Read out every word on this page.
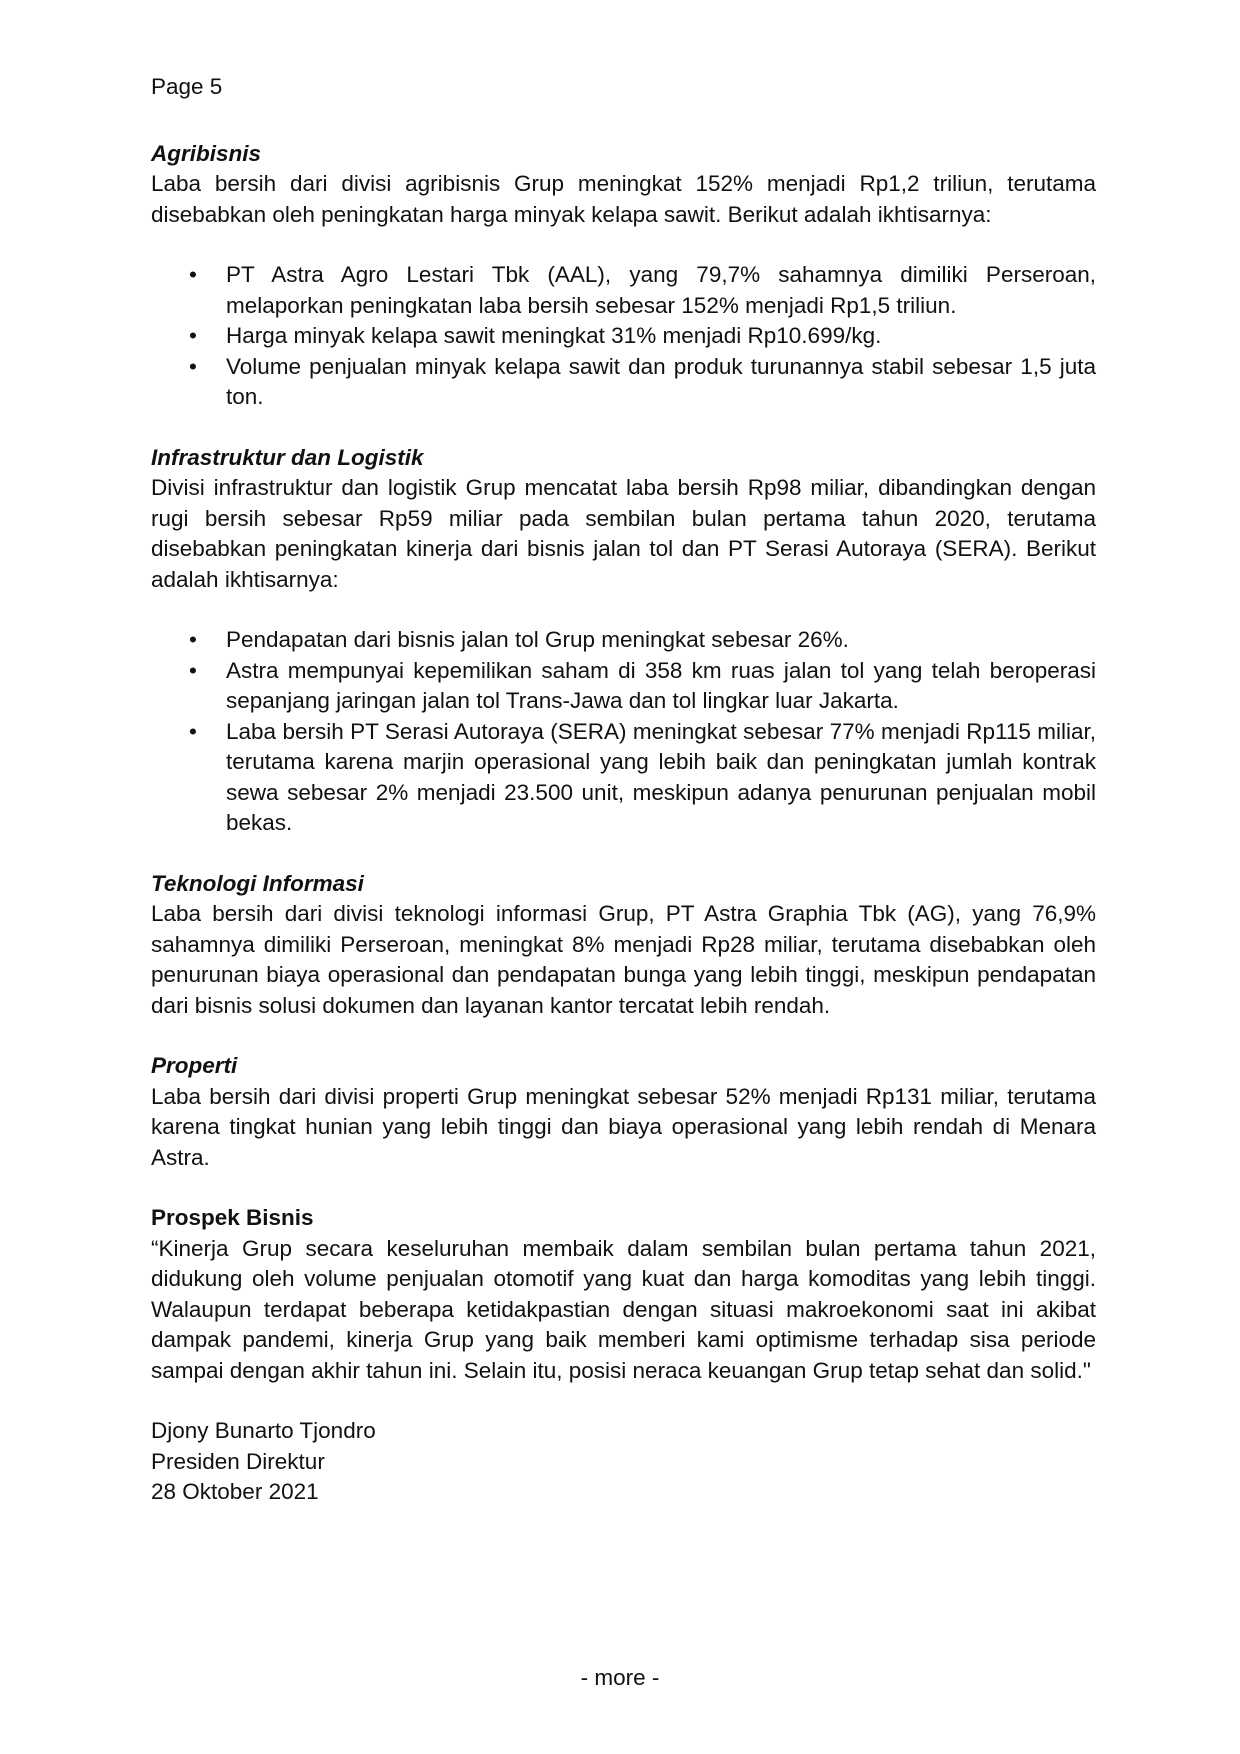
Page 5

Agribisnis

Laba bersih dari divisi agribisnis Grup meningkat 152% menjadi Rp1,2 triliun, terutama disebabkan oleh peningkatan harga minyak kelapa sawit. Berikut adalah ikhtisarnya:

• PT Astra Agro Lestari Tbk (AAL), yang 79,7% sahamnya dimiliki Perseroan, melaporkan peningkatan laba bersih sebesar 152% menjadi Rp1,5 triliun.
• Harga minyak kelapa sawit meningkat 31% menjadi Rp10.699/kg.
• Volume penjualan minyak kelapa sawit dan produk turunannya stabil sebesar 1,5 juta ton.

Infrastruktur dan Logistik

Divisi infrastruktur dan logistik Grup mencatat laba bersih Rp98 miliar, dibandingkan dengan rugi bersih sebesar Rp59 miliar pada sembilan bulan pertama tahun 2020, terutama disebabkan peningkatan kinerja dari bisnis jalan tol dan PT Serasi Autoraya (SERA). Berikut adalah ikhtisarnya:

• Pendapatan dari bisnis jalan tol Grup meningkat sebesar 26%.
• Astra mempunyai kepemilikan saham di 358 km ruas jalan tol yang telah beroperasi sepanjang jaringan jalan tol Trans-Jawa dan tol lingkar luar Jakarta.
• Laba bersih PT Serasi Autoraya (SERA) meningkat sebesar 77% menjadi Rp115 miliar, terutama karena marjin operasional yang lebih baik dan peningkatan jumlah kontrak sewa sebesar 2% menjadi 23.500 unit, meskipun adanya penurunan penjualan mobil bekas.

Teknologi Informasi

Laba bersih dari divisi teknologi informasi Grup, PT Astra Graphia Tbk (AG), yang 76,9% sahamnya dimiliki Perseroan, meningkat 8% menjadi Rp28 miliar, terutama disebabkan oleh penurunan biaya operasional dan pendapatan bunga yang lebih tinggi, meskipun pendapatan dari bisnis solusi dokumen dan layanan kantor tercatat lebih rendah.

Properti

Laba bersih dari divisi properti Grup meningkat sebesar 52% menjadi Rp131 miliar, terutama karena tingkat hunian yang lebih tinggi dan biaya operasional yang lebih rendah di Menara Astra.

Prospek Bisnis

“Kinerja Grup secara keseluruhan membaik dalam sembilan bulan pertama tahun 2021, didukung oleh volume penjualan otomotif yang kuat dan harga komoditas yang lebih tinggi. Walaupun terdapat beberapa ketidakpastian dengan situasi makroekonomi saat ini akibat dampak pandemi, kinerja Grup yang baik memberi kami optimisme terhadap sisa periode sampai dengan akhir tahun ini. Selain itu, posisi neraca keuangan Grup tetap sehat dan solid."

Djony Bunarto Tjondro

Presiden Direktur

28 Oktober 2021

- more -
